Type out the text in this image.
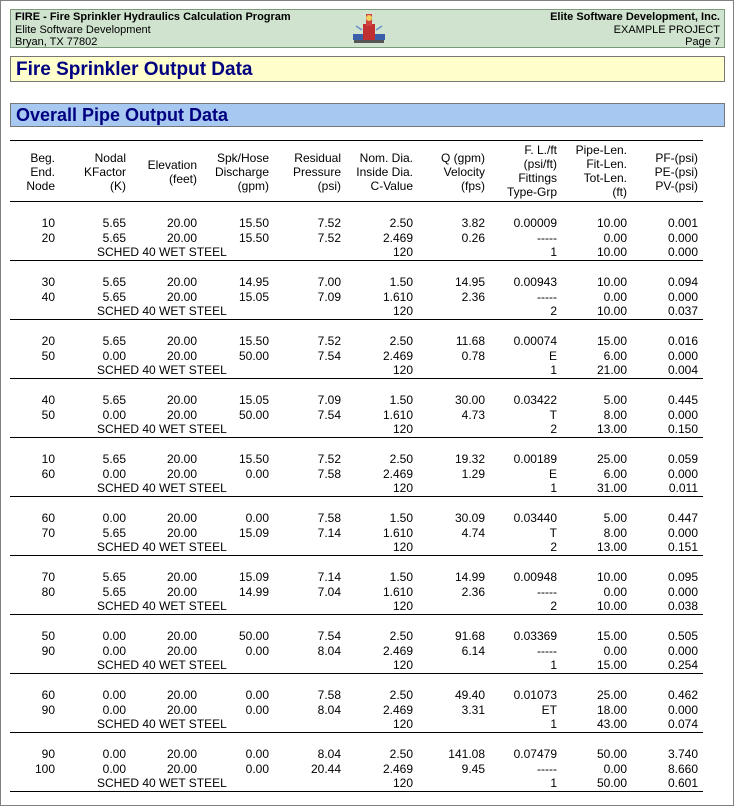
FIRE - Fire Sprinkler Hydraulics Calculation Program
Elite Software Development
Bryan, TX 77802
Elite Software Development, Inc.
EXAMPLE PROJECT
Page 7
Fire Sprinkler Output Data
Overall Pipe Output Data
Beg.
End.
Node
Nodal
KFactor
(K)
Elevation
(feet)
Spk/Hose
Discharge
(gpm)
Residual
Pressure
(psi)
Nom. Dia.
Inside Dia.
C-Value
Q (gpm)
Velocity
(fps)
F. L./ft
(psi/ft)
Fittings
Type-Grp
Pipe-Len.
Fit-Len.
Tot-Len.
(ft)
PF-(psi)
PE-(psi)
PV-(psi)
10
20
5.65
5.65
20.00
20.00
15.50
15.50
7.52
7.52
2.50
2.469
120
3.82
0.26
0.00009
-----
1
10.00
0.00
10.00
0.001
0.000
0.000
SCHED 40 WET STEEL
30
40
5.65
5.65
20.00
20.00
14.95
15.05
7.00
7.09
1.50
1.610
120
14.95
2.36
0.00943
-----
2
10.00
0.00
10.00
0.094
0.000
0.037
SCHED 40 WET STEEL
20
50
5.65
0.00
20.00
20.00
15.50
50.00
7.52
7.54
2.50
2.469
120
11.68
0.78
0.00074
E
1
15.00
6.00
21.00
0.016
0.000
0.004
SCHED 40 WET STEEL
40
50
5.65
0.00
20.00
20.00
15.05
50.00
7.09
7.54
1.50
1.610
120
30.00
4.73
0.03422
T
2
5.00
8.00
13.00
0.445
0.000
0.150
SCHED 40 WET STEEL
10
60
5.65
0.00
20.00
20.00
15.50
0.00
7.52
7.58
2.50
2.469
120
19.32
1.29
0.00189
E
1
25.00
6.00
31.00
0.059
0.000
0.011
SCHED 40 WET STEEL
60
70
0.00
5.65
20.00
20.00
0.00
15.09
7.58
7.14
1.50
1.610
120
30.09
4.74
0.03440
T
2
5.00
8.00
13.00
0.447
0.000
0.151
SCHED 40 WET STEEL
70
80
5.65
5.65
20.00
20.00
15.09
14.99
7.14
7.04
1.50
1.610
120
14.99
2.36
0.00948
-----
2
10.00
0.00
10.00
0.095
0.000
0.038
SCHED 40 WET STEEL
50
90
0.00
0.00
20.00
20.00
50.00
0.00
7.54
8.04
2.50
2.469
120
91.68
6.14
0.03369
-----
1
15.00
0.00
15.00
0.505
0.000
0.254
SCHED 40 WET STEEL
60
90
0.00
0.00
20.00
20.00
0.00
0.00
7.58
8.04
2.50
2.469
120
49.40
3.31
0.01073
ET
1
25.00
18.00
43.00
0.462
0.000
0.074
SCHED 40 WET STEEL
90
100
0.00
0.00
20.00
20.00
0.00
0.00
8.04
20.44
2.50
2.469
120
141.08
9.45
0.07479
-----
1
50.00
0.00
50.00
3.740
8.660
0.601
SCHED 40 WET STEEL
